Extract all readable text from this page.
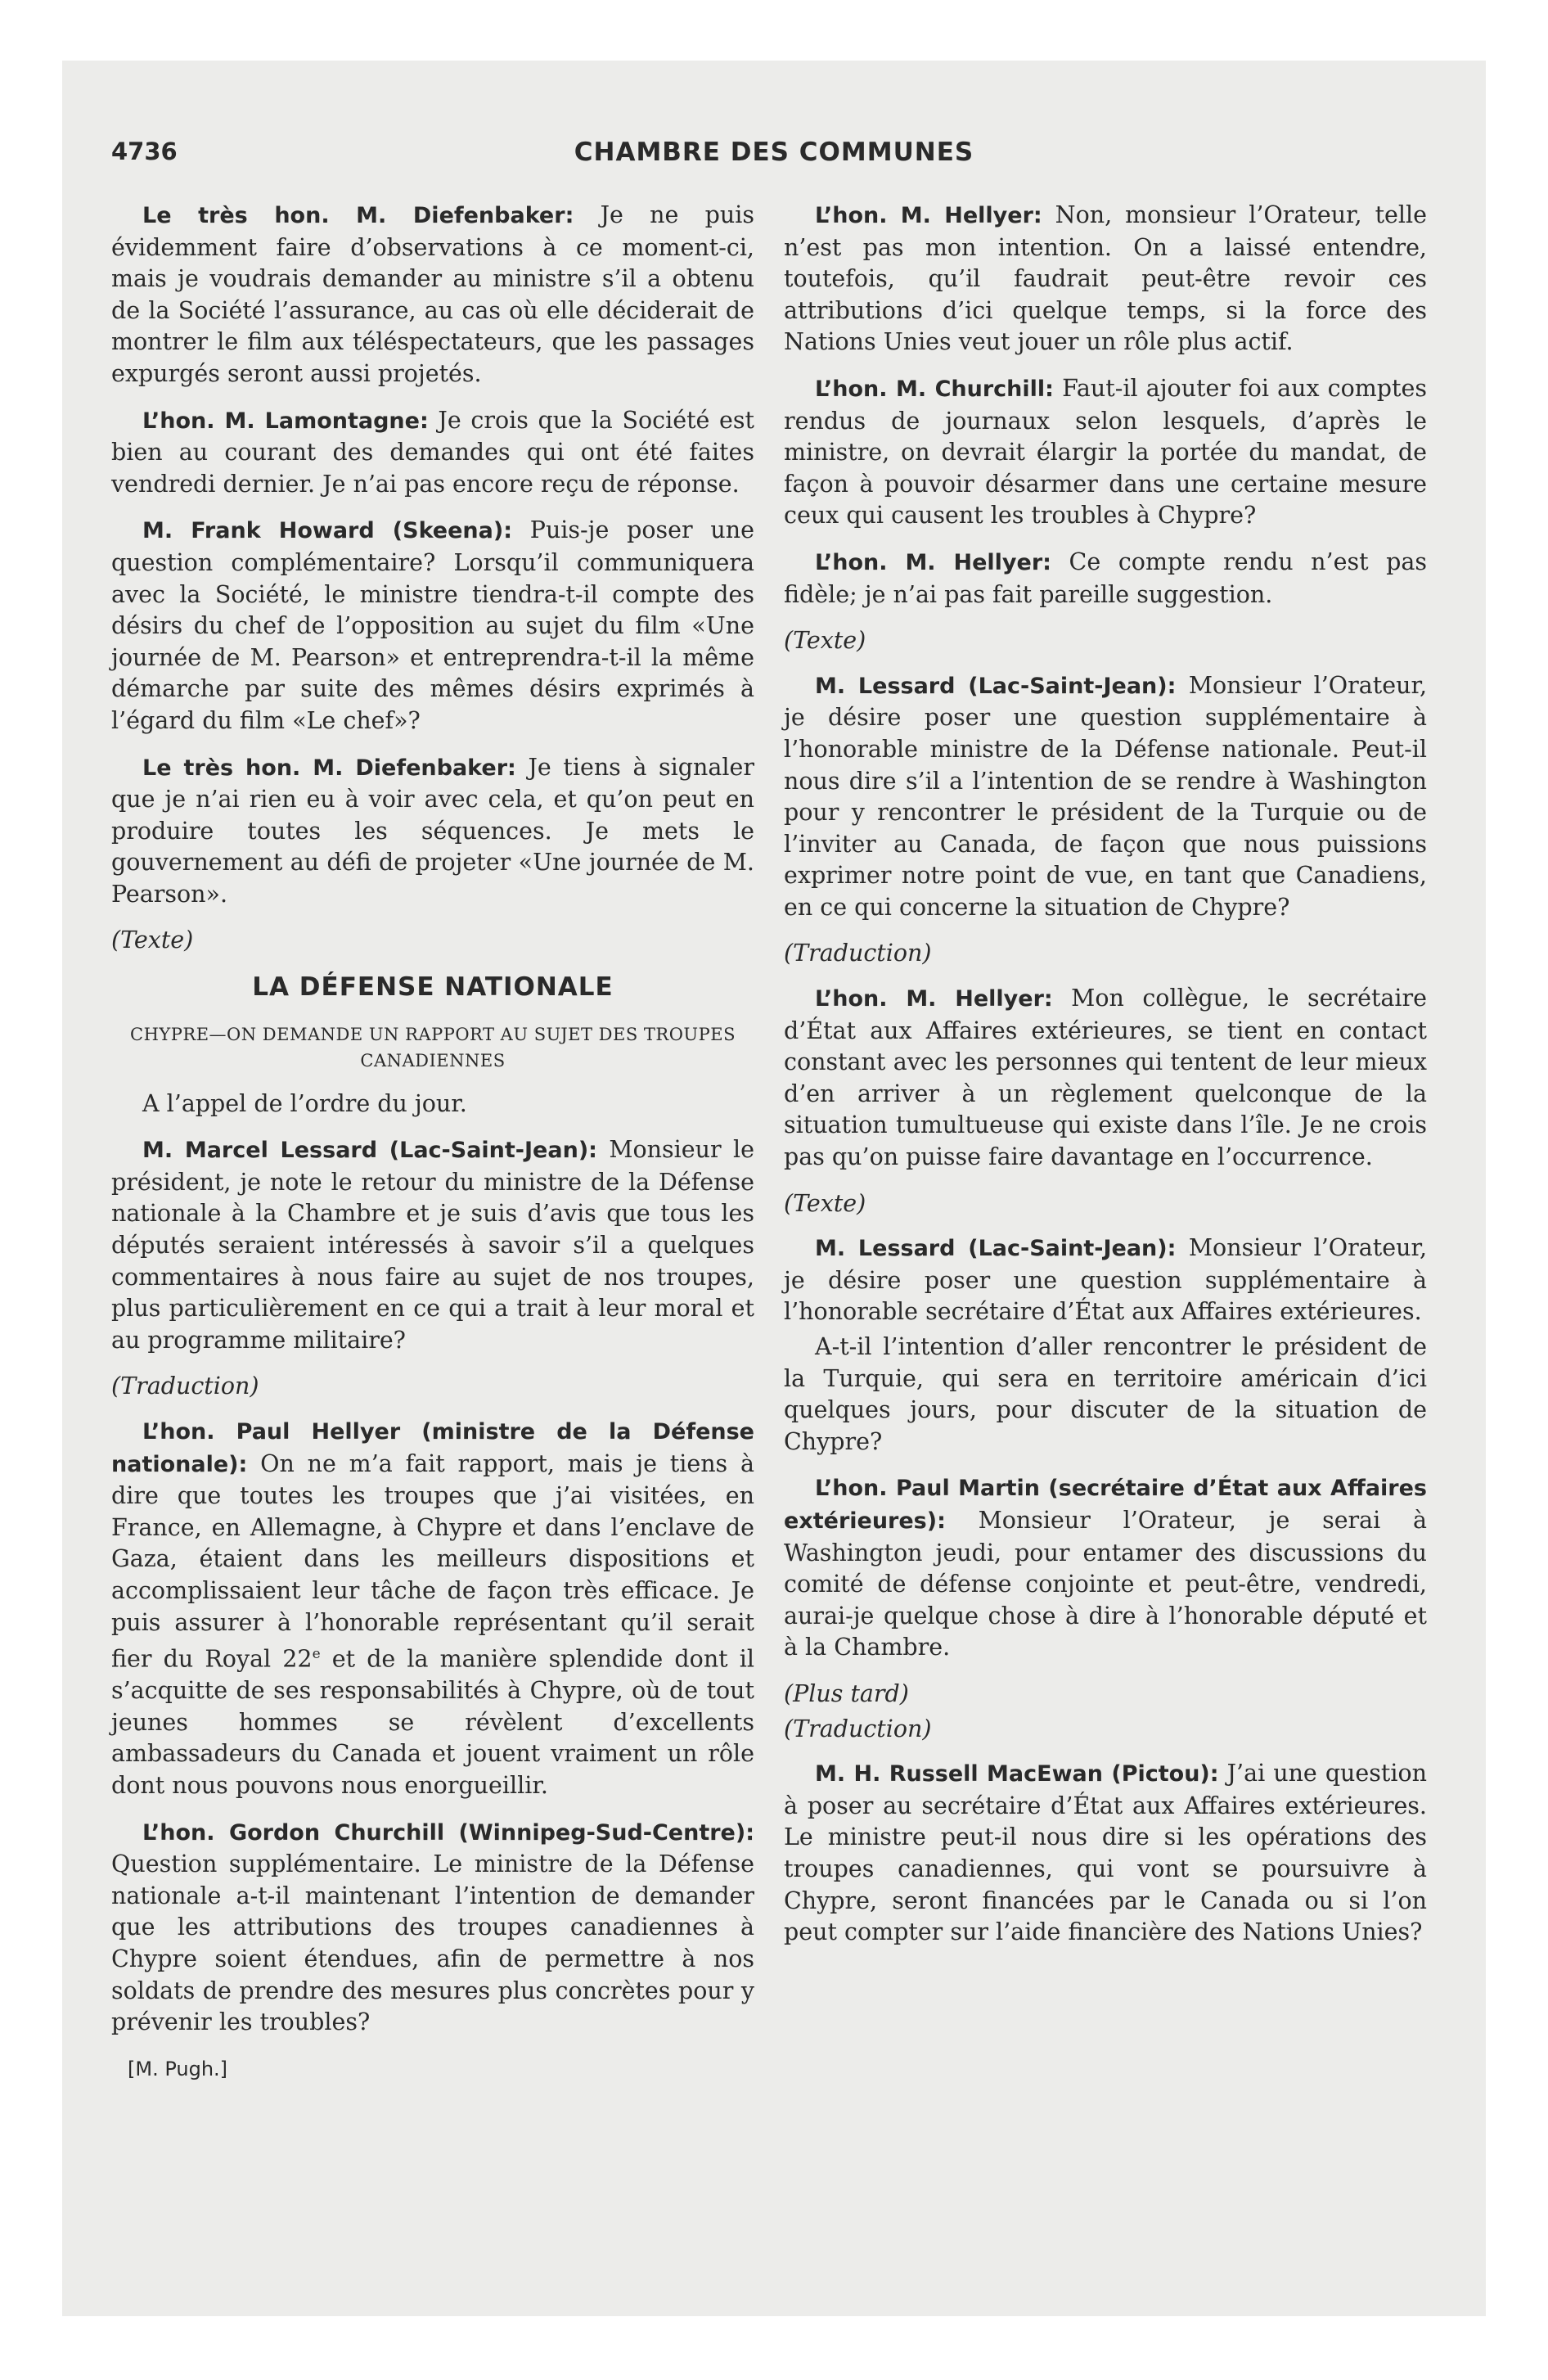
4736	CHAMBRE DES COMMUNES

Le très hon. M. Diefenbaker: Je ne puis évidemment faire d’observations à ce moment-ci, mais je voudrais demander au ministre s’il a obtenu de la Société l’assurance, au cas où elle déciderait de montrer le film aux téléspectateurs, que les passages expurgés seront aussi projetés.

L’hon. M. Lamontagne: Je crois que la Société est bien au courant des demandes qui ont été faites vendredi dernier. Je n’ai pas encore reçu de réponse.

M. Frank Howard (Skeena): Puis-je poser une question complémentaire? Lorsqu’il communiquera avec la Société, le ministre tiendra-t-il compte des désirs du chef de l’opposition au sujet du film «Une journée de M. Pearson» et entreprendra-t-il la même démarche par suite des mêmes désirs exprimés à l’égard du film «Le chef»?

Le très hon. M. Diefenbaker: Je tiens à signaler que je n’ai rien eu à voir avec cela, et qu’on peut en produire toutes les séquences. Je mets le gouvernement au défi de projeter «Une journée de M. Pearson».

(Texte)

LA DÉFENSE NATIONALE

CHYPRE—ON DEMANDE UN RAPPORT AU SUJET DES TROUPES CANADIENNES

A l’appel de l’ordre du jour.

M. Marcel Lessard (Lac-Saint-Jean): Monsieur le président, je note le retour du ministre de la Défense nationale à la Chambre et je suis d’avis que tous les députés seraient intéressés à savoir s’il a quelques commentaires à nous faire au sujet de nos troupes, plus particulièrement en ce qui a trait à leur moral et au programme militaire?

(Traduction)

L’hon. Paul Hellyer (ministre de la Défense nationale): On ne m’a fait rapport, mais je tiens à dire que toutes les troupes que j’ai visitées, en France, en Allemagne, à Chypre et dans l’enclave de Gaza, étaient dans les meilleurs dispositions et accomplissaient leur tâche de façon très efficace. Je puis assurer à l’honorable représentant qu’il serait fier du Royal 22e et de la manière splendide dont il s’acquitte de ses responsabilités à Chypre, où de tout jeunes hommes se révèlent d’excellents ambassadeurs du Canada et jouent vraiment un rôle dont nous pouvons nous enorgueillir.

L’hon. Gordon Churchill (Winnipeg-Sud-Centre): Question supplémentaire. Le ministre de la Défense nationale a-t-il maintenant l’intention de demander que les attributions des troupes canadiennes à Chypre soient étendues, afin de permettre à nos soldats de prendre des mesures plus concrètes pour y prévenir les troubles?

[M. Pugh.]

L’hon. M. Hellyer: Non, monsieur l’Orateur, telle n’est pas mon intention. On a laissé entendre, toutefois, qu’il faudrait peut-être revoir ces attributions d’ici quelque temps, si la force des Nations Unies veut jouer un rôle plus actif.

L’hon. M. Churchill: Faut-il ajouter foi aux comptes rendus de journaux selon lesquels, d’après le ministre, on devrait élargir la portée du mandat, de façon à pouvoir désarmer dans une certaine mesure ceux qui causent les troubles à Chypre?

L’hon. M. Hellyer: Ce compte rendu n’est pas fidèle; je n’ai pas fait pareille suggestion.

(Texte)

M. Lessard (Lac-Saint-Jean): Monsieur l’Orateur, je désire poser une question supplémentaire à l’honorable ministre de la Défense nationale. Peut-il nous dire s’il a l’intention de se rendre à Washington pour y rencontrer le président de la Turquie ou de l’inviter au Canada, de façon que nous puissions exprimer notre point de vue, en tant que Canadiens, en ce qui concerne la situation de Chypre?

(Traduction)

L’hon. M. Hellyer: Mon collègue, le secrétaire d’État aux Affaires extérieures, se tient en contact constant avec les personnes qui tentent de leur mieux d’en arriver à un règlement quelconque de la situation tumultueuse qui existe dans l’île. Je ne crois pas qu’on puisse faire davantage en l’occurrence.

(Texte)

M. Lessard (Lac-Saint-Jean): Monsieur l’Orateur, je désire poser une question supplémentaire à l’honorable secrétaire d’État aux Affaires extérieures.

A-t-il l’intention d’aller rencontrer le président de la Turquie, qui sera en territoire américain d’ici quelques jours, pour discuter de la situation de Chypre?

L’hon. Paul Martin (secrétaire d’État aux Affaires extérieures): Monsieur l’Orateur, je serai à Washington jeudi, pour entamer des discussions du comité de défense conjointe et peut-être, vendredi, aurai-je quelque chose à dire à l’honorable député et à la Chambre.

(Plus tard)

(Traduction)

M. H. Russell MacEwan (Pictou): J’ai une question à poser au secrétaire d’État aux Affaires extérieures. Le ministre peut-il nous dire si les opérations des troupes canadiennes, qui vont se poursuivre à Chypre, seront financées par le Canada ou si l’on peut compter sur l’aide financière des Nations Unies?
